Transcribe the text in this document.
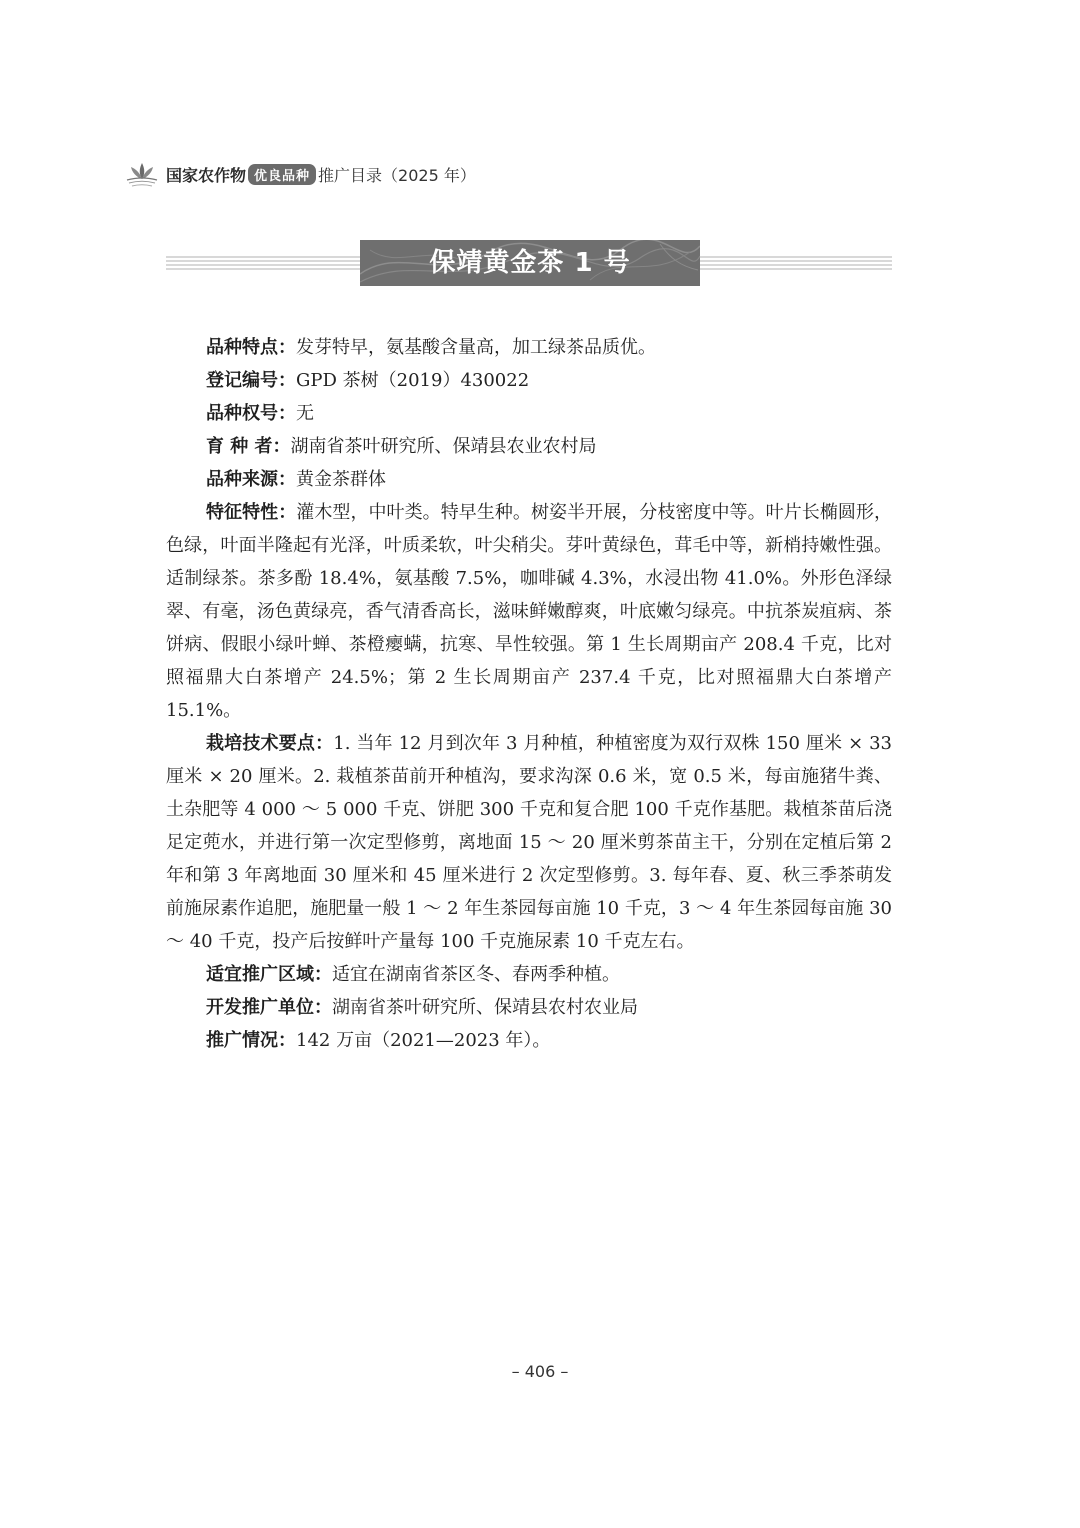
国家农作物 优良品种 推广目录（2025 年）
保靖黄金茶 1 号

品种特点：发芽特早，氨基酸含量高，加工绿茶品质优。

登记编号：GPD 茶树（2019）430022

品种权号：无

育 种 者：湖南省茶叶研究所、保靖县农业农村局

品种来源：黄金茶群体

特征特性：灌木型，中叶类。特早生种。树姿半开展，分枝密度中等。叶片长椭圆形，色绿，叶面半隆起有光泽，叶质柔软，叶尖稍尖。芽叶黄绿色，茸毛中等，新梢持嫩性强。适制绿茶。茶多酚 18.4%，氨基酸 7.5%，咖啡碱 4.3%，水浸出物 41.0%。外形色泽绿翠、有毫，汤色黄绿亮，香气清香高长，滋味鲜嫩醇爽，叶底嫩匀绿亮。中抗茶炭疽病、茶饼病、假眼小绿叶蝉、茶橙瘿螨，抗寒、旱性较强。第 1 生长周期亩产 208.4 千克，比对照福鼎大白茶增产 24.5%；第 2 生长周期亩产 237.4 千克，比对照福鼎大白茶增产 15.1%。

栽培技术要点：1. 当年 12 月到次年 3 月种植，种植密度为双行双株 150 厘米 × 33 厘米 × 20 厘米。2. 栽植茶苗前开种植沟，要求沟深 0.6 米，宽 0.5 米，每亩施猪牛粪、土杂肥等 4 000 ～ 5 000 千克、饼肥 300 千克和复合肥 100 千克作基肥。栽植茶苗后浇足定蔸水，并进行第一次定型修剪，离地面 15 ～ 20 厘米剪茶苗主干，分别在定植后第 2 年和第 3 年离地面 30 厘米和 45 厘米进行 2 次定型修剪。3. 每年春、夏、秋三季茶萌发前施尿素作追肥，施肥量一般 1 ～ 2 年生茶园每亩施 10 千克，3 ～ 4 年生茶园每亩施 30 ～ 40 千克，投产后按鲜叶产量每 100 千克施尿素 10 千克左右。

适宜推广区域：适宜在湖南省茶区冬、春两季种植。

开发推广单位：湖南省茶叶研究所、保靖县农村农业局

推广情况：142 万亩（2021—2023 年）。

– 406 –
